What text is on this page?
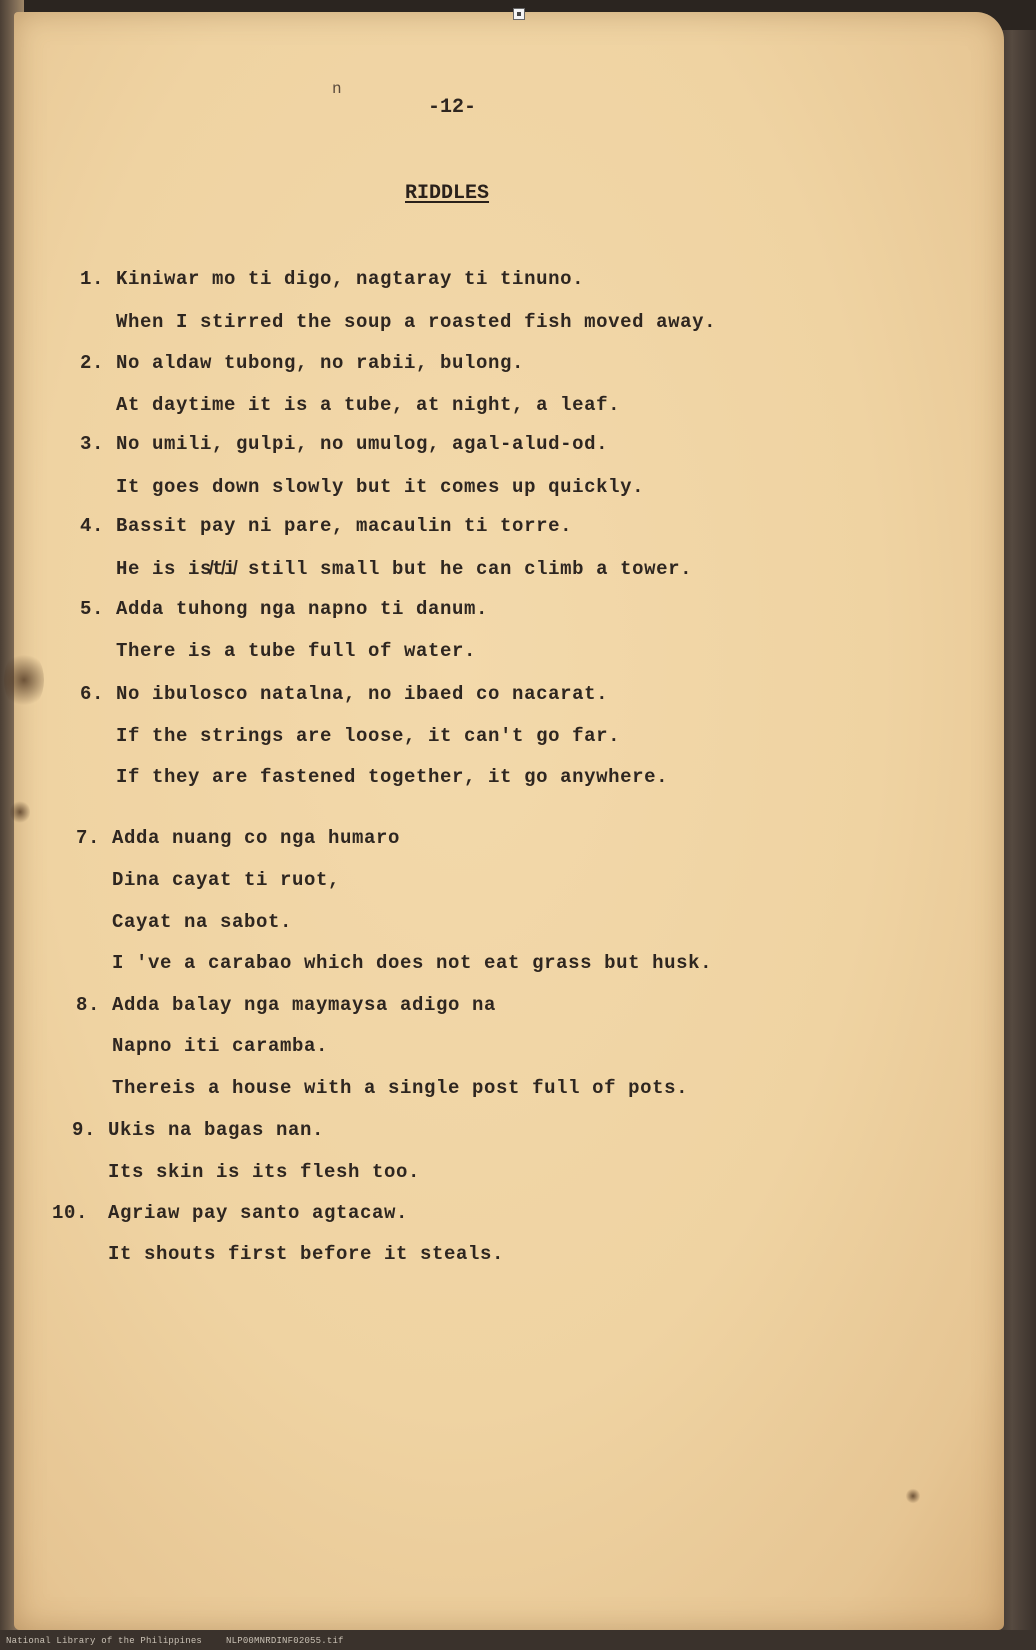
n
-12-
RIDDLES
1. Kiniwar mo ti digo, nagtaray ti tinuno.
When I stirred the soup a roasted fish moved away.
2. No aldaw tubong, no rabii, bulong.
At daytime it is a tube, at night, a leaf.
3. No umili, gulpi, no umulog, agal-alud-od.
It goes down slowly but it comes up quickly.
4. Bassit pay ni pare, macaulin ti torre.
He is is̸t̸i̸ still small but he can climb a tower.
5. Adda tuhong nga napno ti danum.
There is a tube full of water.
6. No ibulosco natalna, no ibaed co nacarat.
If the strings are loose, it can't go far.
If they are fastened together, it go anywhere.
7. Adda nuang co nga humaro
Dina cayat ti ruot,
Cayat na sabot.
I 've a carabao which does not eat grass but husk.
8. Adda balay nga maymaysa adigo na
Napno iti caramba.
Thereis a house with a single post full of pots.
9. Ukis na bagas nan.
Its skin is its flesh too.
10. Agriaw pay santo agtacaw.
It shouts first before it steals.
National Library of the Philippines	NLP00MNRDINF02055.tif
